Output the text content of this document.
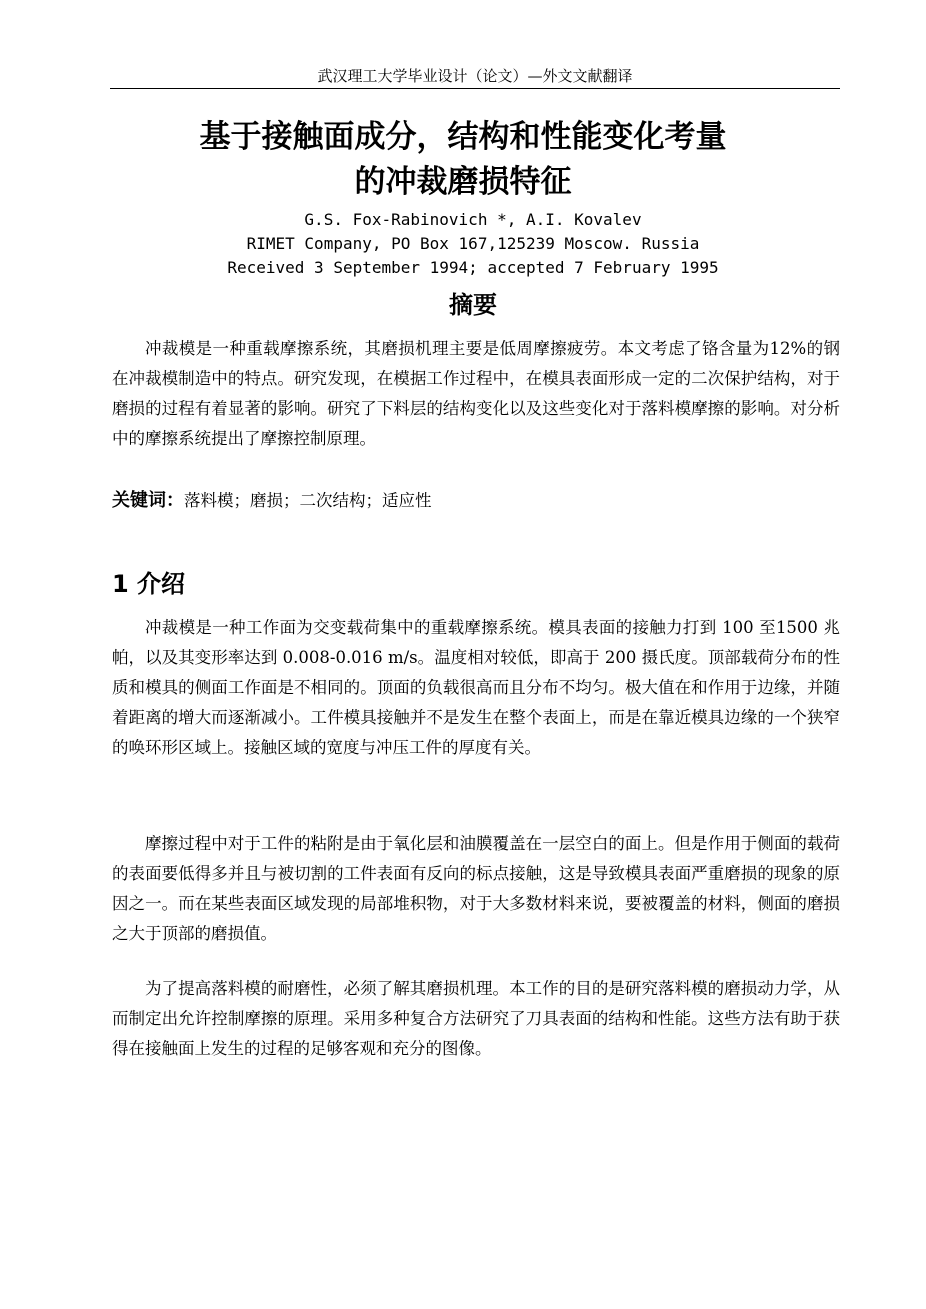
武汉理工大学毕业设计（论文）—外文文献翻译
基于接触面成分，结构和性能变化考量
的冲裁磨损特征
G.S. Fox-Rabinovich *, A.I. Kovalev
RIMET Company, PO Box 167,125239 Moscow. Russia
Received 3 September 1994; accepted 7 February 1995
摘要

冲裁模是一种重载摩擦系统，其磨损机理主要是低周摩擦疲劳。本文考虑了铬含量为12%的钢在冲裁模制造中的特点。研究发现，在模据工作过程中，在模具表面形成一定的二次保护结构，对于磨损的过程有着显著的影响。研究了下料层的结构变化以及这些变化对于落料模摩擦的影响。对分析中的摩擦系统提出了摩擦控制原理。

关键词：落料模；磨损；二次结构；适应性
1 介绍

冲裁模是一种工作面为交变载荷集中的重载摩擦系统。模具表面的接触力打到 100 至1500 兆帕，以及其变形率达到 0.008-0.016 m/s。温度相对较低，即高于 200 摄氏度。顶部载荷分布的性质和模具的侧面工作面是不相同的。顶面的负载很高而且分布不均匀。极大值在和作用于边缘，并随着距离的增大而逐渐减小。工件模具接触并不是发生在整个表面上，而是在靠近模具边缘的一个狭窄的唤环形区域上。接触区域的宽度与冲压工件的厚度有关。

摩擦过程中对于工件的粘附是由于氧化层和油膜覆盖在一层空白的面上。但是作用于侧面的载荷的表面要低得多并且与被切割的工件表面有反向的标点接触，这是导致模具表面严重磨损的现象的原因之一。而在某些表面区域发现的局部堆积物，对于大多数材料来说，要被覆盖的材料，侧面的磨损之大于顶部的磨损值。

为了提高落料模的耐磨性，必须了解其磨损机理。本工作的目的是研究落料模的磨损动力学，从而制定出允许控制摩擦的原理。采用多种复合方法研究了刀具表面的结构和性能。这些方法有助于获得在接触面上发生的过程的足够客观和充分的图像。
